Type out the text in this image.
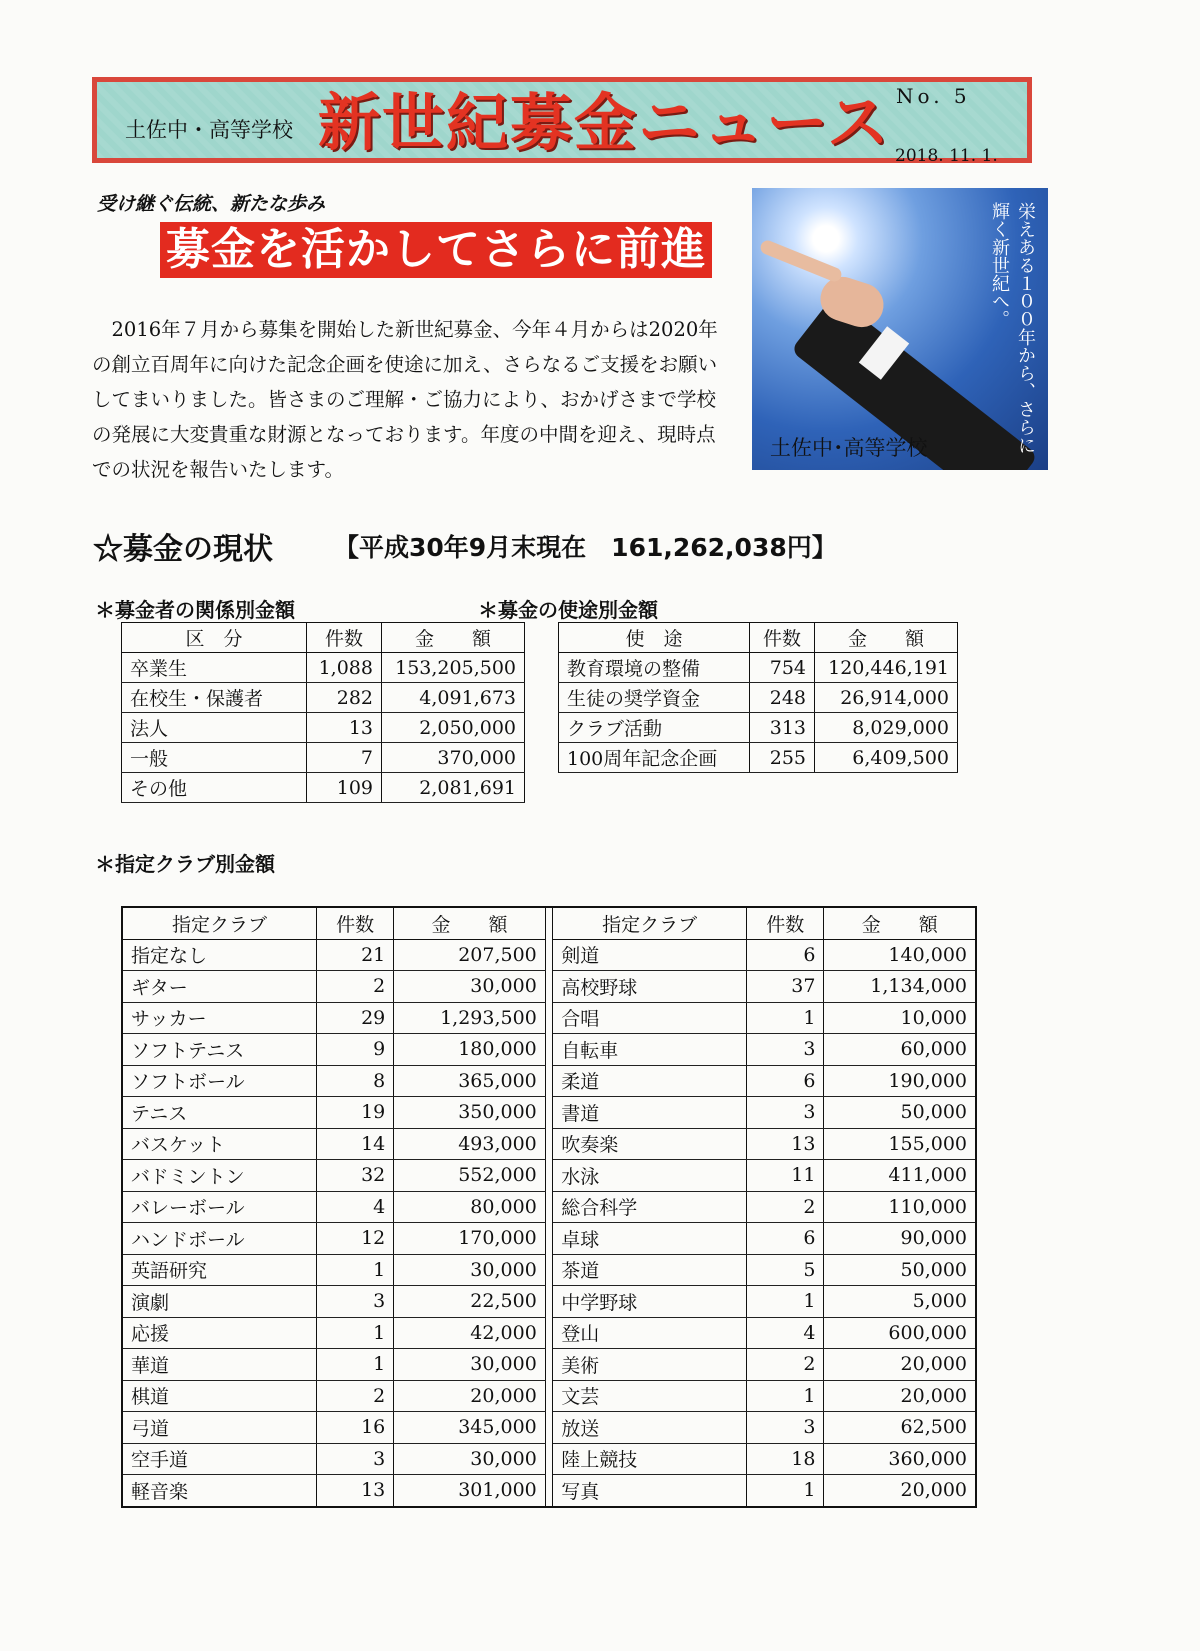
土佐中・高等学校 新世紀募金ニュース No. 5
2018. 11. 1.
受け継ぐ伝統、新たな歩み
募金を活かしてさらに前進
2016年７月から募集を開始した新世紀募金、今年４月からは2020年の創立百周年に向けた記念企画を使途に加え、さらなるご支援をお願いしてまいりました。皆さまのご理解・ご協力により、おかげさまで学校の発展に大変貴重な財源となっております。年度の中間を迎え、現時点での状況を報告いたします。
栄えある１００年から、さらに輝く新世紀へ。
土佐中･高等学校
☆募金の現状 【平成30年9月末現在　161,262,038円】
＊募金者の関係別金額	＊募金の使途別金額
＊指定クラブ別金額
区　分	件数	金　　額
卒業生	1,088	153,205,500
在校生・保護者	282	4,091,673
法人	13	2,050,000
一般	7	370,000
その他	109	2,081,691
使　途	件数	金　　額
教育環境の整備	754	120,446,191
生徒の奨学資金	248	26,914,000
クラブ活動	313	8,029,000
100周年記念企画	255	6,409,500
指定クラブ	件数	金　　額		指定クラブ	件数	金　　額
指定なし	21	207,500		剣道	6	140,000
ギター	2	30,000		高校野球	37	1,134,000
サッカー	29	1,293,500		合唱	1	10,000
ソフトテニス	9	180,000		自転車	3	60,000
ソフトボール	8	365,000		柔道	6	190,000
テニス	19	350,000		書道	3	50,000
バスケット	14	493,000		吹奏楽	13	155,000
バドミントン	32	552,000		水泳	11	411,000
バレーボール	4	80,000		総合科学	2	110,000
ハンドボール	12	170,000		卓球	6	90,000
英語研究	1	30,000		茶道	5	50,000
演劇	3	22,500		中学野球	1	5,000
応援	1	42,000		登山	4	600,000
華道	1	30,000		美術	2	20,000
棋道	2	20,000		文芸	1	20,000
弓道	16	345,000		放送	3	62,500
空手道	3	30,000		陸上競技	18	360,000
軽音楽	13	301,000		写真	1	20,000
